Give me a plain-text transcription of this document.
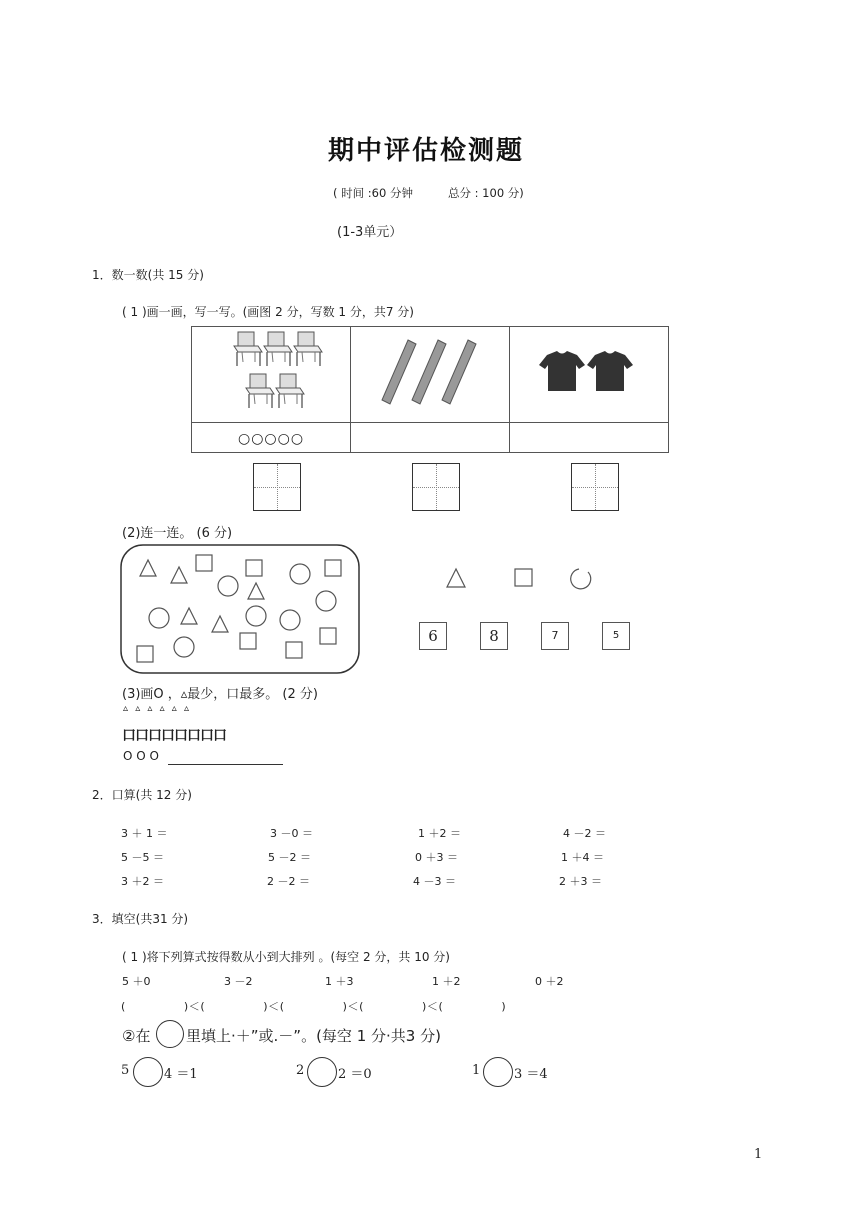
期中评估检测题
( 时间 :60 分钟	总分 : 100 分)
(1-3单元）
1．数一数(共 15 分)
( 1 )画一画，写一写。(画图 2 分，写数 1 分，共7 分)

○○○○○		
(2)连一连。 (6 分)
6	8	7	5
(3)画O ，▵最少，口最多。 (2 分)
▵ ▵ ▵ ▵ ▵ ▵
口口口口口口口口
O O O
2．口算(共 12 分)
3 ＋ 1 ＝	3 －0 ＝	1 ＋2 ＝	4 －2 ＝
5 －5 ＝	5 －2 ＝	0 ＋3 ＝	1 ＋4 ＝
3 ＋2 ＝	2 －2 ＝	4 －3 ＝	2 ＋3 ＝
3．填空(共31 分)
( 1 )将下列算式按得数从小到大排列 。(每空 2 分，共 10 分)
5 ＋0	3 －2	1 ＋3	1 ＋2	0 ＋2
(　　　　　)＜(　　　　　)＜(　　　　　)＜(　　　　　)＜(　　　　　)
②在 里填上·＋”或.－”。(每空 1 分·共3 分)
5	4 ＝1	2	2 ＝0	1	3 ＝4
1
